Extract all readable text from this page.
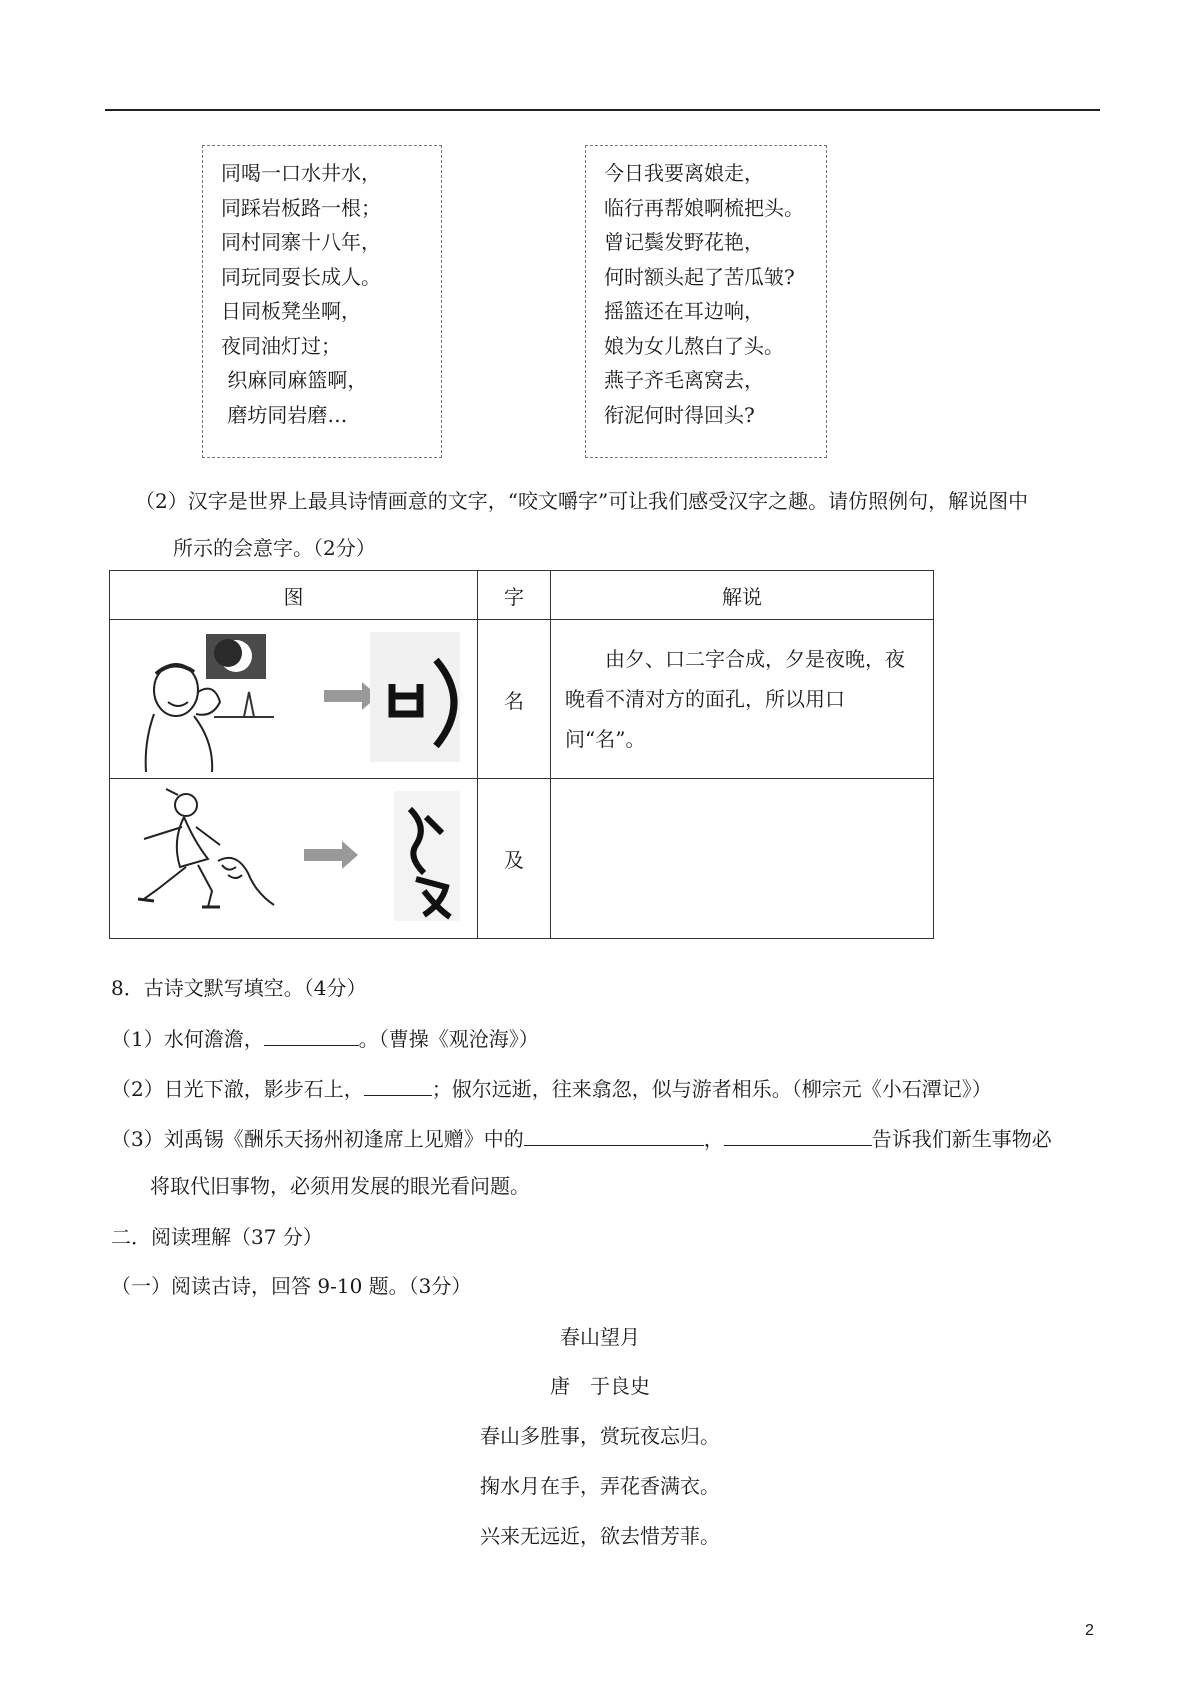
同喝一口水井水，
同踩岩板路一根；
同村同寨十八年，
同玩同耍长成人。
日同板凳坐啊，
夜同油灯过；
织麻同麻篮啊，
磨坊同岩磨…
今日我要离娘走，
临行再帮娘啊梳把头。
曾记鬓发野花艳，
何时额头起了苦瓜皱?
摇篮还在耳边响，
娘为女儿熬白了头。
燕子齐毛离窝去，
衔泥何时得回头?
（2）汉字是世界上最具诗情画意的文字，“咬文嚼字”可让我们感受汉字之趣。请仿照例句，解说图中
所示的会意字。（2分）
图	字	解说
	名	由夕、口二字合成，夕是夜晚，夜晚看不清对方的面孔，所以用口问“名”。
	及	
8．古诗文默写填空。（4分）
（1）水何澹澹，	。（曹操《观沧海》）
（2）日光下澈，影步石上，	；俶尔远逝，往来翕忽，似与游者相乐。（柳宗元《小石潭记》）
（3）刘禹锡《酬乐天扬州初逢席上见赠》中的	，	告诉我们新生事物必
将取代旧事物，必须用发展的眼光看问题。
二．阅读理解（37 分）
（一）阅读古诗，回答 9-10 题。（3分）
春山望月
唐　于良史
春山多胜事，赏玩夜忘归。
掬水月在手，弄花香满衣。
兴来无远近，欲去惜芳菲。
2
